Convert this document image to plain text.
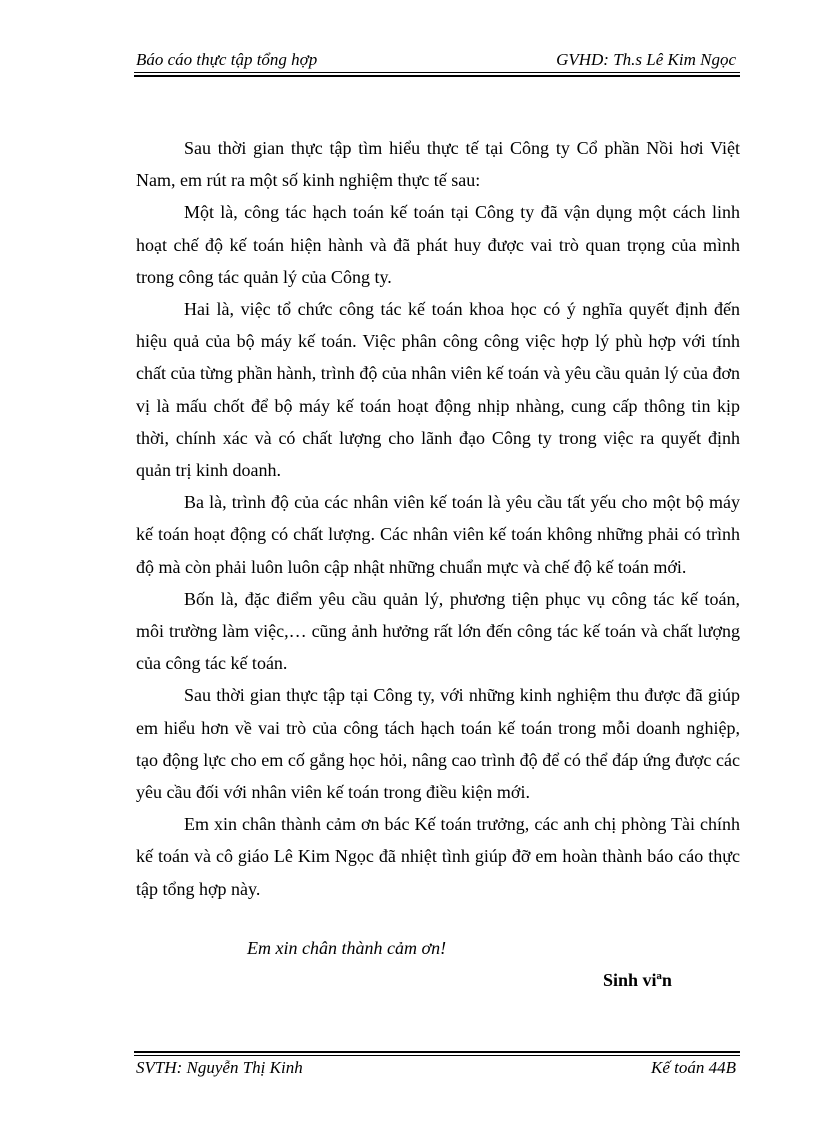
Báo cáo thực tập tổng hợp	GVHD: Th.s Lê Kim Ngọc

Sau thời gian thực tập tìm hiểu thực tế tại Công ty Cổ phần Nồi hơi Việt Nam, em rút ra một số kinh nghiệm thực tế sau:

Một là, công tác hạch toán kế toán tại Công ty đã vận dụng một cách linh hoạt chế độ kế toán hiện hành và đã phát huy được vai trò quan trọng của mình trong công tác quản lý của Công ty.

Hai là, việc tổ chức công tác kế toán khoa học có ý nghĩa quyết định đến hiệu quả của bộ máy kế toán. Việc phân công công việc hợp lý phù hợp với tính chất của từng phần hành, trình độ của nhân viên kế toán và yêu cầu quản lý của đơn vị là mấu chốt để bộ máy kế toán hoạt động nhịp nhàng, cung cấp thông tin kịp thời, chính xác và có chất lượng cho lãnh đạo Công ty trong việc ra quyết định quản trị kinh doanh.

Ba là, trình độ của các nhân viên kế toán là yêu cầu tất yếu cho một bộ máy kế toán hoạt động có chất lượng. Các nhân viên kế toán không những phải có trình độ mà còn phải luôn luôn cập nhật những chuẩn mực và chế độ kế toán mới.

Bốn là, đặc điểm yêu cầu quản lý, phương tiện phục vụ công tác kế toán, môi trường làm việc,… cũng ảnh hưởng rất lớn đến công tác kế toán và chất lượng của công tác kế toán.

Sau thời gian thực tập tại Công ty, với những kinh nghiệm thu được đã giúp em hiểu hơn về vai trò của công tách hạch toán kế toán trong mỗi doanh nghiệp, tạo động lực cho em cố gắng học hỏi, nâng cao trình độ để có thể đáp ứng được các yêu cầu đối với nhân viên kế toán trong điều kiện mới.

Em xin chân thành cảm ơn bác Kế toán trưởng, các anh chị phòng Tài chính kế toán và cô giáo Lê Kim Ngọc đã nhiệt tình giúp đỡ em hoàn thành báo cáo thực tập tổng hợp này.

Em xin chân thành cảm ơn!
Sinh viªn
SVTH: Nguyễn Thị Kinh	Kế toán 44B
